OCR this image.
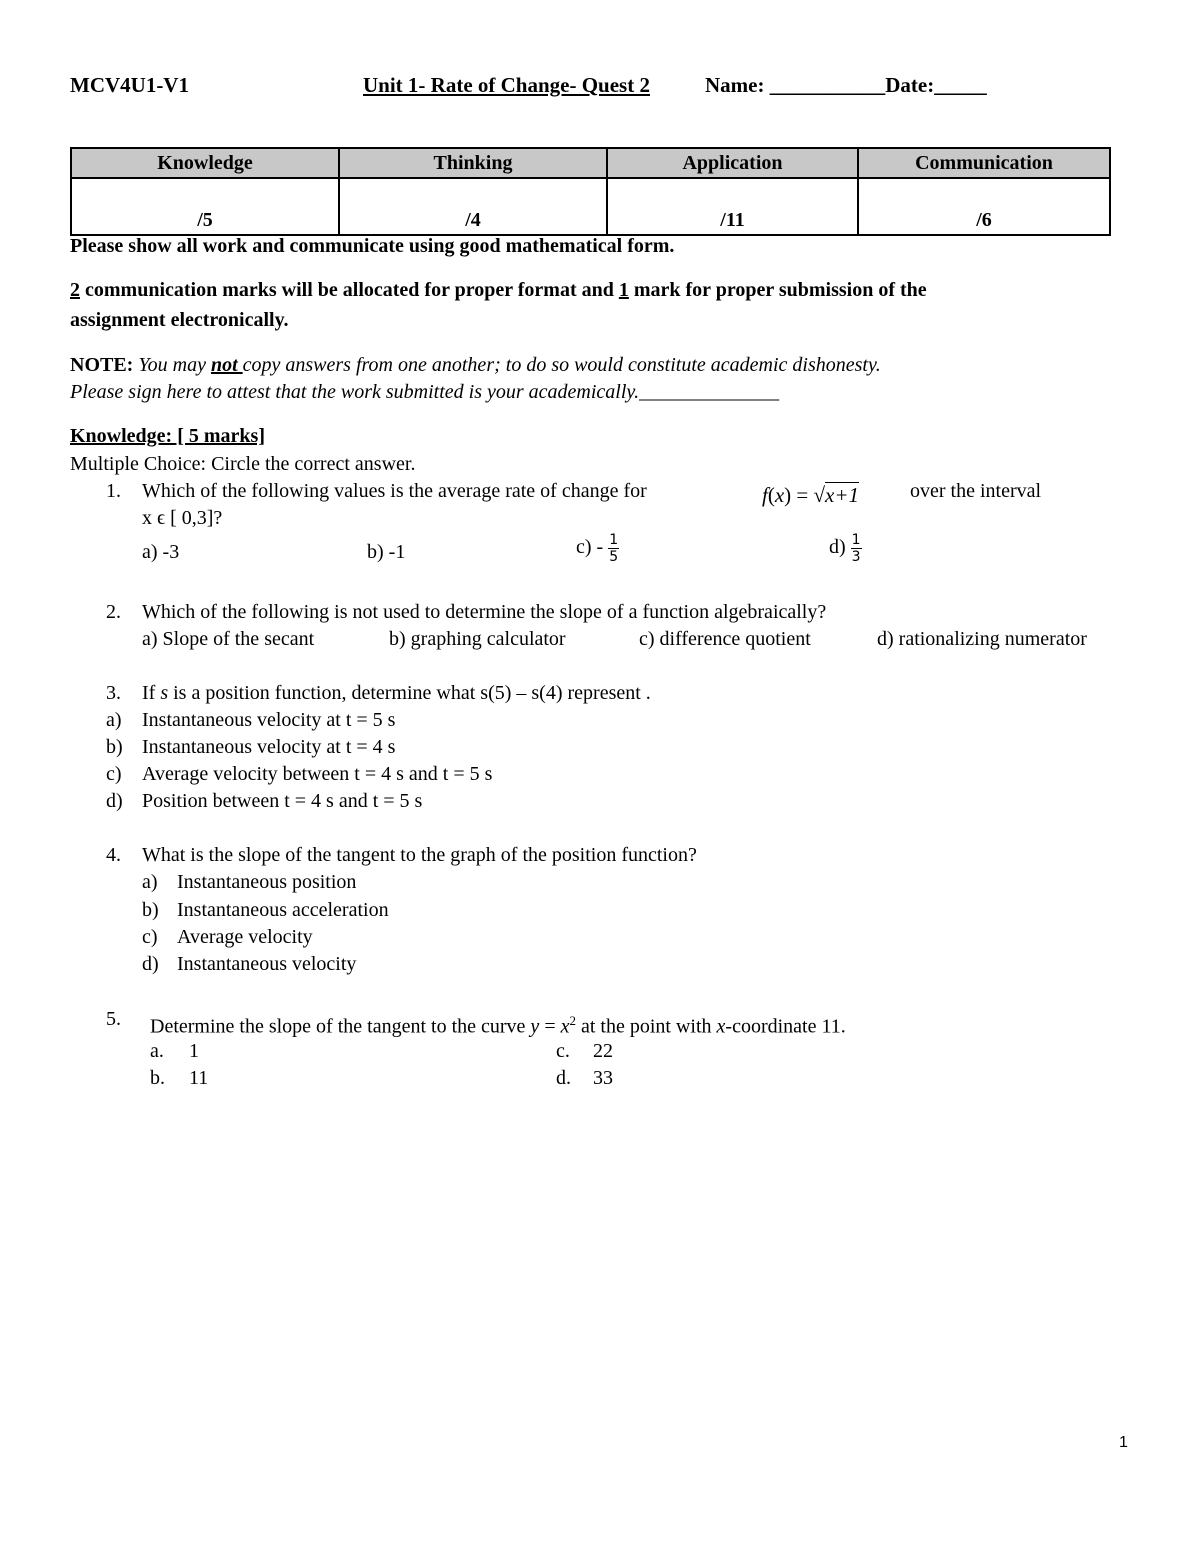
MCV4U1-V1	Unit 1- Rate of Change- Quest 2	Name: ___________Date:_____
Knowledge	Thinking	Application	Communication
/5	/4	/11	/6
Please show all work and communicate using good mathematical form.
2 communication marks will be allocated for proper format and 1 mark for proper submission of the
assignment electronically.
NOTE: You may not copy answers from one another; to do so would constitute academic dishonesty.
Please sign here to attest that the work submitted is your academically.______________
Knowledge: [ 5 marks]
Multiple Choice: Circle the correct answer.
1. Which of the following values is the average rate of change for	f(x) = √x+1	over the interval
x ϵ [ 0,3]?
a) -3	b) -1	$c) - \frac{1}{5}$	$d) \frac{1}{3}$
2. Which of the following is not used to determine the slope of a function algebraically?
a) Slope of the secant	b) graphing calculator	c) difference quotient	d) rationalizing numerator
3. If s is a position function, determine what s(5) – s(4) represent .
a) Instantaneous velocity at t = 5 s
b) Instantaneous velocity at t = 4 s
c) Average velocity between t = 4 s and t = 5 s
d) Position between t = 4 s and t = 5 s
4. What is the slope of the tangent to the graph of the position function?
a) Instantaneous position
b) Instantaneous acceleration
c) Average velocity
d) Instantaneous velocity
5. Determine the slope of the tangent to the curve $y = x^2$ at the point with x-coordinate 11.
a. 1
b. 11
c. 22
d. 33
1
